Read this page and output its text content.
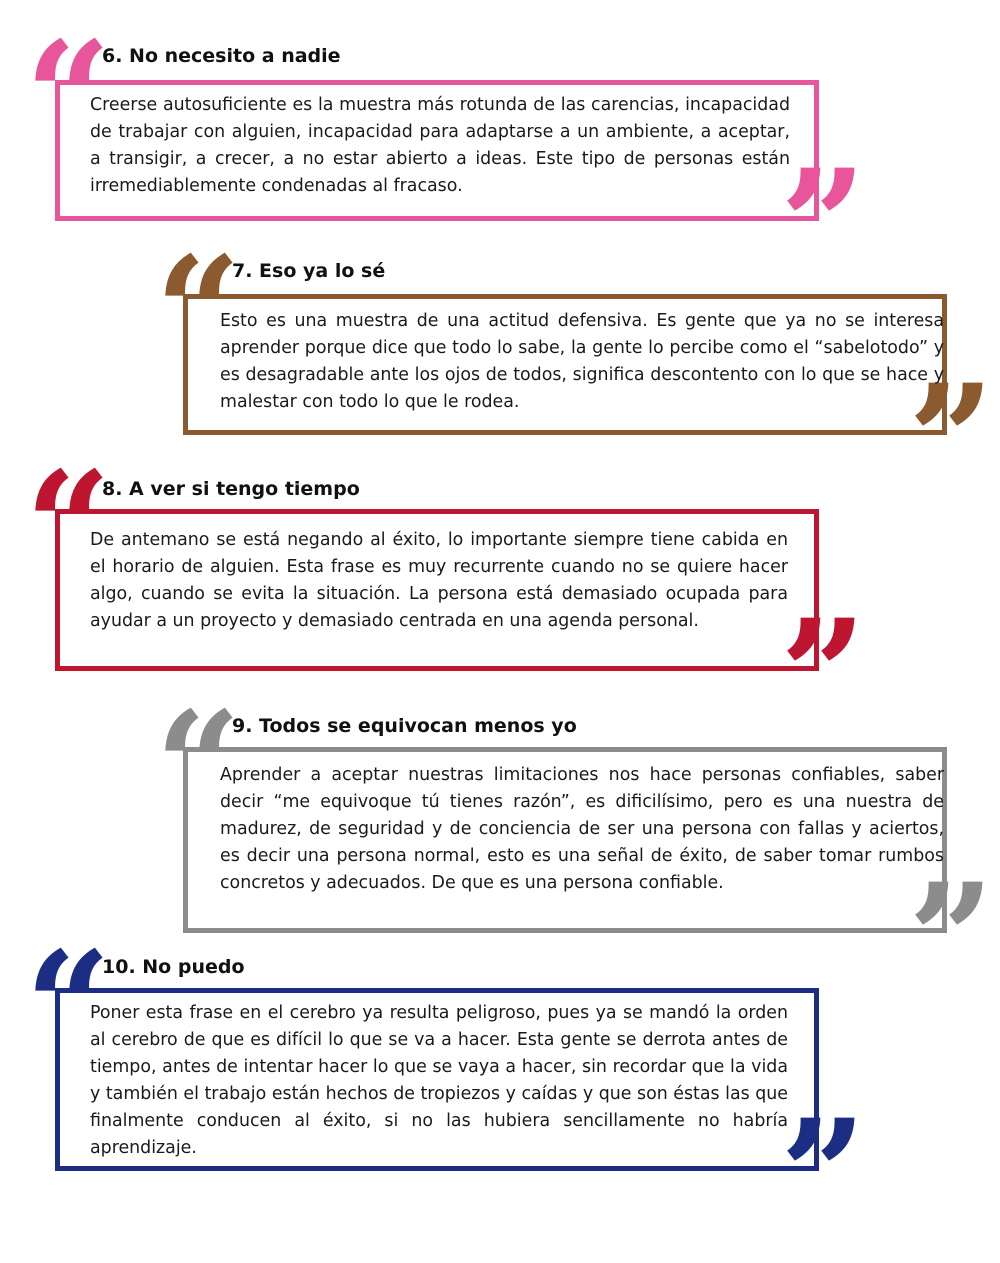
“
”
6. No necesito a nadie
Creerse autosuficiente es la muestra más rotunda de las carencias, incapacidad de trabajar con alguien, incapacidad para adaptarse a un ambiente, a aceptar, a transigir, a crecer, a no estar abierto a ideas. Este tipo de personas están irremediablemente condenadas al fracaso.
“
”
7. Eso ya lo sé
Esto es una muestra de una actitud defensiva. Es gente que ya no se interesa aprender porque dice que todo lo sabe, la gente lo percibe como el “sabelotodo” y es desagradable ante los ojos de todos, significa descontento con lo que se hace y malestar con todo lo que le rodea.
“
”
8. A ver si tengo tiempo
De antemano se está negando al éxito, lo importante siempre tiene cabida en el horario de alguien. Esta frase es muy recurrente cuando no se quiere hacer algo, cuando se evita la situación. La persona está demasiado ocupada para ayudar a un proyecto y demasiado centrada en una agenda personal.
“
”
9. Todos se equivocan menos yo
Aprender a aceptar nuestras limitaciones nos hace personas confiables, saber decir “me equivoque tú tienes razón”, es dificilísimo, pero es una nuestra de madurez, de seguridad y de conciencia de ser una persona con fallas y aciertos, es decir una persona normal, esto es una señal de éxito, de saber tomar rumbos concretos y adecuados. De que es una persona confiable.
“
”
10. No puedo
Poner esta frase en el cerebro ya resulta peligroso, pues ya se mandó la orden al cerebro de que es difícil lo que se va a hacer. Esta gente se derrota antes de tiempo, antes de intentar hacer lo que se vaya a hacer, sin recordar que la vida y también el trabajo están hechos de tropiezos y caídas y que son éstas las que finalmente conducen al éxito, si no las hubiera sencillamente no habría aprendizaje.
